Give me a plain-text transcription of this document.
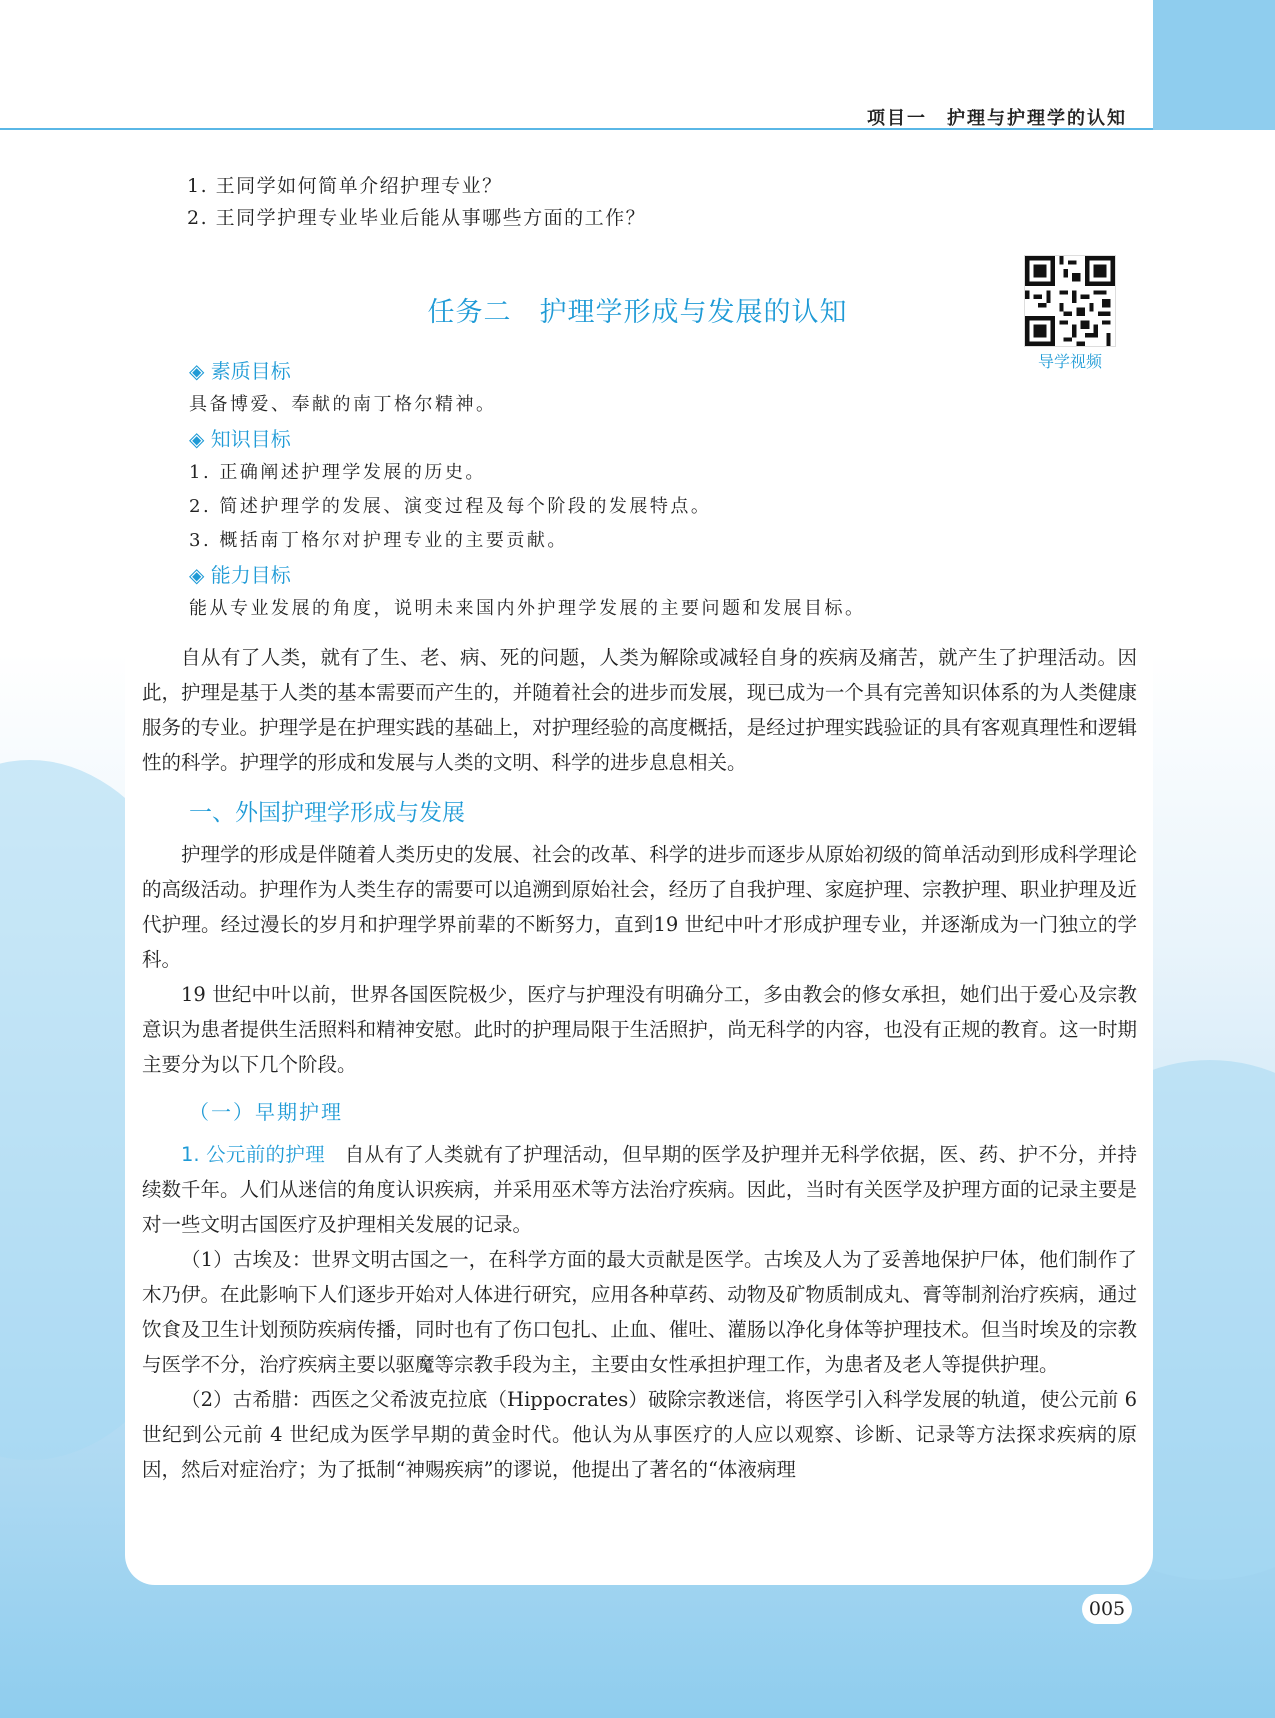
项目一　护理与护理学的认知
1. 王同学如何简单介绍护理专业？
2. 王同学护理专业毕业后能从事哪些方面的工作？
任务二　护理学形成与发展的认知
导学视频
◈ 素质目标
具备博爱、奉献的南丁格尔精神。
◈ 知识目标
1. 正确阐述护理学发展的历史。
2. 简述护理学的发展、演变过程及每个阶段的发展特点。
3. 概括南丁格尔对护理专业的主要贡献。
◈ 能力目标
能从专业发展的角度，说明未来国内外护理学发展的主要问题和发展目标。
自从有了人类，就有了生、老、病、死的问题，人类为解除或减轻自身的疾病及痛苦，就产生了护理活动。因此，护理是基于人类的基本需要而产生的，并随着社会的进步而发展，现已成为一个具有完善知识体系的为人类健康服务的专业。护理学是在护理实践的基础上，对护理经验的高度概括，是经过护理实践验证的具有客观真理性和逻辑性的科学。护理学的形成和发展与人类的文明、科学的进步息息相关。
一、外国护理学形成与发展
护理学的形成是伴随着人类历史的发展、社会的改革、科学的进步而逐步从原始初级的简单活动到形成科学理论的高级活动。护理作为人类生存的需要可以追溯到原始社会，经历了自我护理、家庭护理、宗教护理、职业护理及近代护理。经过漫长的岁月和护理学界前辈的不断努力，直到19 世纪中叶才形成护理专业，并逐渐成为一门独立的学科。
19 世纪中叶以前，世界各国医院极少，医疗与护理没有明确分工，多由教会的修女承担，她们出于爱心及宗教意识为患者提供生活照料和精神安慰。此时的护理局限于生活照护，尚无科学的内容，也没有正规的教育。这一时期主要分为以下几个阶段。
（一）早期护理
1. 公元前的护理　自从有了人类就有了护理活动，但早期的医学及护理并无科学依据，医、药、护不分，并持续数千年。人们从迷信的角度认识疾病，并采用巫术等方法治疗疾病。因此，当时有关医学及护理方面的记录主要是对一些文明古国医疗及护理相关发展的记录。
（1）古埃及：世界文明古国之一，在科学方面的最大贡献是医学。古埃及人为了妥善地保护尸体，他们制作了木乃伊。在此影响下人们逐步开始对人体进行研究，应用各种草药、动物及矿物质制成丸、膏等制剂治疗疾病，通过饮食及卫生计划预防疾病传播，同时也有了伤口包扎、止血、催吐、灌肠以净化身体等护理技术。但当时埃及的宗教与医学不分，治疗疾病主要以驱魔等宗教手段为主，主要由女性承担护理工作，为患者及老人等提供护理。
（2）古希腊：西医之父希波克拉底（Hippocrates）破除宗教迷信，将医学引入科学发展的轨道，使公元前 6 世纪到公元前 4 世纪成为医学早期的黄金时代。他认为从事医疗的人应以观察、诊断、记录等方法探求疾病的原因，然后对症治疗；为了抵制“神赐疾病”的谬说，他提出了著名的“体液病理
005
